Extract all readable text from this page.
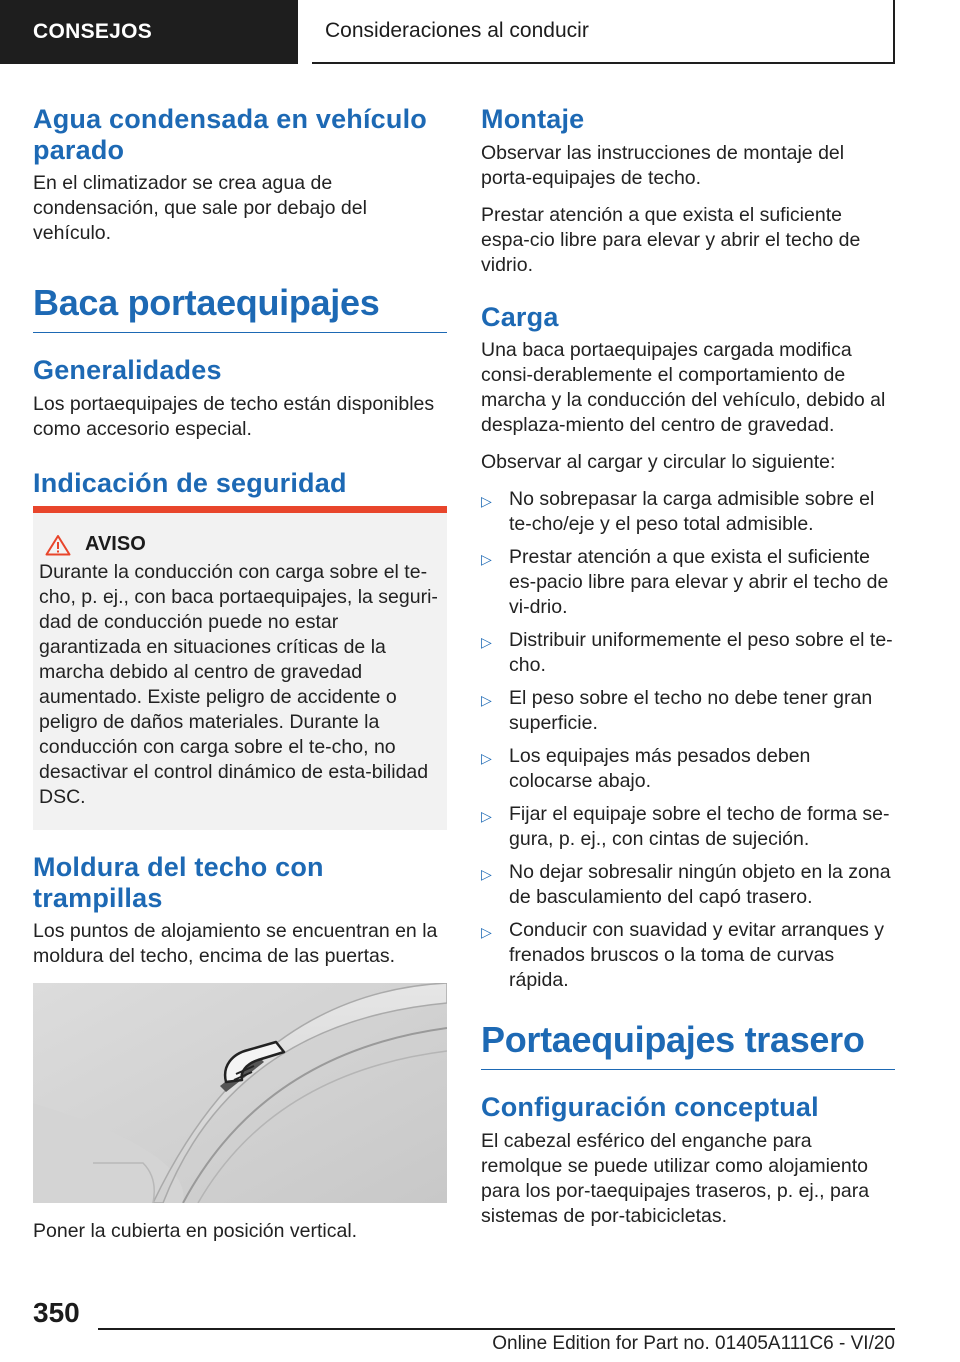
CONSEJOS	Consideraciones al conducir
Agua condensada en vehículo parado

En el climatizador se crea agua de condensación, que sale por debajo del vehículo.

Baca portaequipajes
Generalidades

Los portaequipajes de techo están disponibles como accesorio especial.

Indicación de seguridad
AVISO

Durante la conducción con carga sobre el te-cho, p. ej., con baca portaequipajes, la seguri-dad de conducción puede no estar garantizada en situaciones críticas de la marcha debido al centro de gravedad aumentado. Existe peligro de accidente o peligro de daños materiales. Durante la conducción con carga sobre el te-cho, no desactivar el control dinámico de esta-bilidad DSC.

Moldura del techo con trampillas

Los puntos de alojamiento se encuentran en la moldura del techo, encima de las puertas.

Poner la cubierta en posición vertical.

Montaje

Observar las instrucciones de montaje del porta-equipajes de techo.

Prestar atención a que exista el suficiente espa-cio libre para elevar y abrir el techo de vidrio.

Carga

Una baca portaequipajes cargada modifica consi-derablemente el comportamiento de marcha y la conducción del vehículo, debido al desplaza-miento del centro de gravedad.

Observar al cargar y circular lo siguiente:

▷ No sobrepasar la carga admisible sobre el te-cho/eje y el peso total admisible.
▷ Prestar atención a que exista el suficiente es-pacio libre para elevar y abrir el techo de vi-drio.
▷ Distribuir uniformemente el peso sobre el te-cho.
▷ El peso sobre el techo no debe tener gran superficie.
▷ Los equipajes más pesados deben colocarse abajo.
▷ Fijar el equipaje sobre el techo de forma se-gura, p. ej., con cintas de sujeción.
▷ No dejar sobresalir ningún objeto en la zona de basculamiento del capó trasero.
▷ Conducir con suavidad y evitar arranques y frenados bruscos o la toma de curvas rápida.
Portaequipajes trasero
Configuración conceptual

El cabezal esférico del enganche para remolque se puede utilizar como alojamiento para los por-taequipajes traseros, p. ej., para sistemas de por-tabicicletas.

350
Online Edition for Part no. 01405A111C6 - VI/20
